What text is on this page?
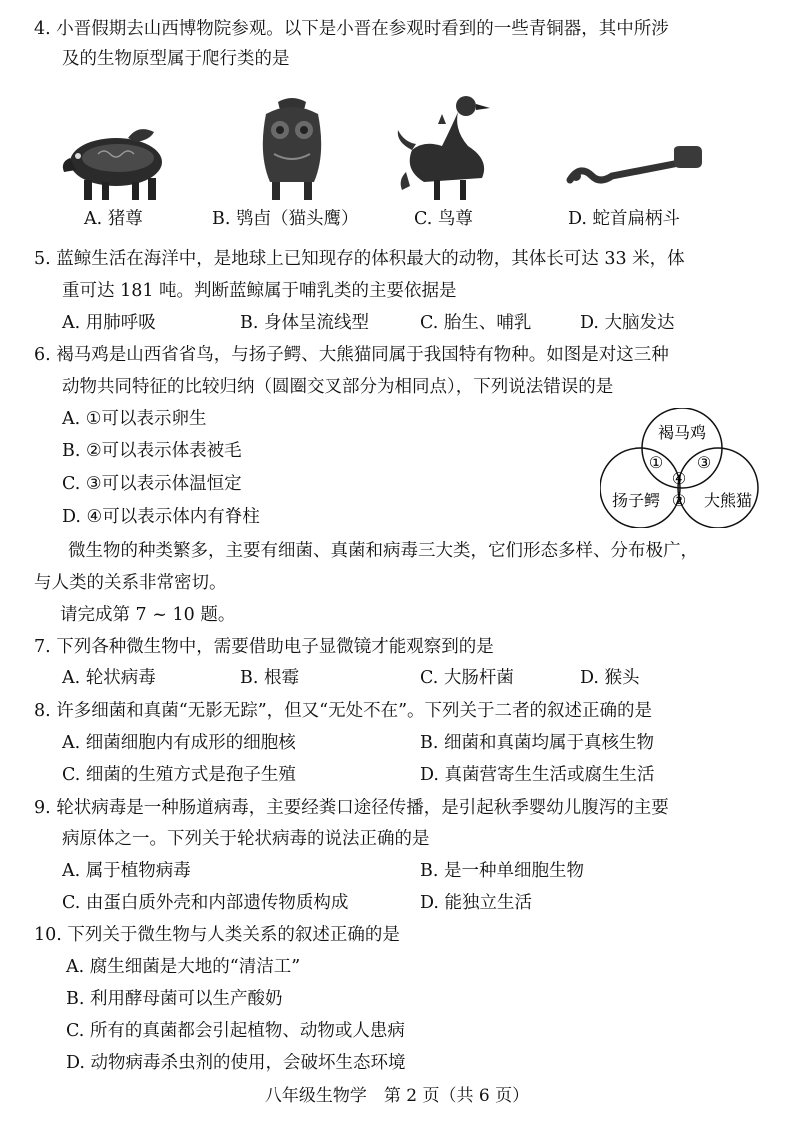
4. 小晋假期去山西博物院参观。以下是小晋在参观时看到的一些青铜器，其中所涉
及的生物原型属于爬行类的是
A. 猪尊	B. 鸮卣（猫头鹰）	C. 鸟尊	D. 蛇首扁柄斗
5. 蓝鲸生活在海洋中，是地球上已知现存的体积最大的动物，其体长可达 33 米，体
重可达 181 吨。判断蓝鲸属于哺乳类的主要依据是
A. 用肺呼吸	B. 身体呈流线型	C. 胎生、哺乳	D. 大脑发达
6. 褐马鸡是山西省省鸟，与扬子鳄、大熊猫同属于我国特有物种。如图是对这三种
动物共同特征的比较归纳（圆圈交叉部分为相同点），下列说法错误的是
A. ①可以表示卵生
B. ②可以表示体表被毛
C. ③可以表示体温恒定
D. ④可以表示体内有脊柱
褐马鸡
扬子鳄	大熊猫
①
②
③
④
微生物的种类繁多，主要有细菌、真菌和病毒三大类，它们形态多样、分布极广，
与人类的关系非常密切。
请完成第 7 ~ 10 题。
7. 下列各种微生物中，需要借助电子显微镜才能观察到的是
A. 轮状病毒	B. 根霉	C. 大肠杆菌	D. 猴头
8. 许多细菌和真菌“无影无踪”，但又“无处不在”。下列关于二者的叙述正确的是
A. 细菌细胞内有成形的细胞核	B. 细菌和真菌均属于真核生物
C. 细菌的生殖方式是孢子生殖	D. 真菌营寄生生活或腐生生活
9. 轮状病毒是一种肠道病毒，主要经粪口途径传播，是引起秋季婴幼儿腹泻的主要
病原体之一。下列关于轮状病毒的说法正确的是
A. 属于植物病毒	B. 是一种单细胞生物
C. 由蛋白质外壳和内部遗传物质构成	D. 能独立生活
10. 下列关于微生物与人类关系的叙述正确的是
A. 腐生细菌是大地的“清洁工”
B. 利用酵母菌可以生产酸奶
C. 所有的真菌都会引起植物、动物或人患病
D. 动物病毒杀虫剂的使用，会破坏生态环境
八年级生物学　第 2 页（共 6 页）
